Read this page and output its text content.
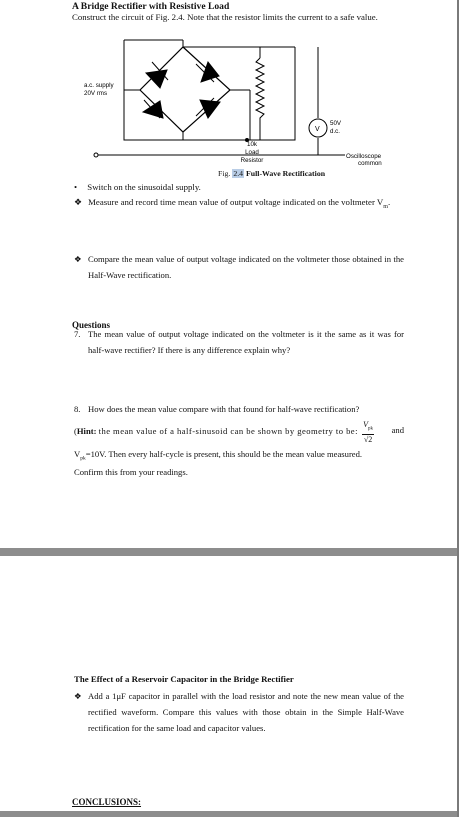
A Bridge Rectifier with Resistive Load
Construct the circuit of Fig. 2.4. Note that the resistor limits the current to a safe value.
a.c. supply
20V rms
10k
Load
Resistor
V
50V
d.c.
Oscilloscope
common
Fig. 2.4 Full-Wave Rectification
• Switch on the sinusoidal supply.
❖ Measure and record time mean value of output voltage indicated on the voltmeter $V_m$.
❖ Compare the mean value of output voltage indicated on the voltmeter those obtained in the Half-Wave rectification.
Questions
7. The mean value of output voltage indicated on the voltmeter is it the same as it was for half-wave rectifier? If there is any difference explain why?
8. How does the mean value compare with that found for half-wave rectification?
(Hint: the mean value of a half-sinusoid can be shown by geometry to be: $\frac{V_{pk}}{√2}$ and
$V_{pk}=10V$. Then every half-cycle is present, this should be the mean value measured.
Confirm this from your readings.
The Effect of a Reservoir Capacitor in the Bridge Rectifier
❖ Add a 1μF capacitor in parallel with the load resistor and note the new mean value of the rectified waveform. Compare this values with those obtain in the Simple Half-Wave rectification for the same load and capacitor values.
CONCLUSIONS:
